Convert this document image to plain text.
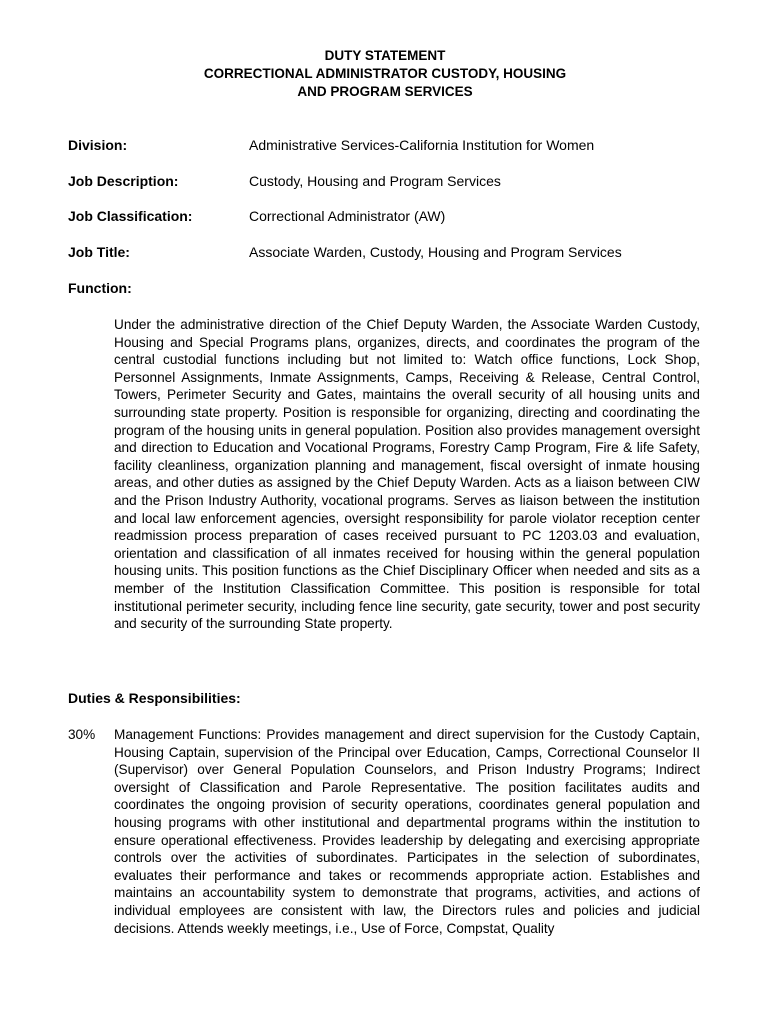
DUTY STATEMENT
CORRECTIONAL ADMINISTRATOR CUSTODY, HOUSING
AND PROGRAM SERVICES
Division:	Administrative Services-California Institution for Women
Job Description:	Custody, Housing and Program Services
Job Classification:	Correctional Administrator (AW)
Job Title:	Associate Warden, Custody, Housing and Program Services
Function:
Under the administrative direction of the Chief Deputy Warden, the Associate Warden Custody, Housing and Special Programs plans, organizes, directs, and coordinates the program of the central custodial functions including but not limited to: Watch office functions, Lock Shop, Personnel Assignments, Inmate Assignments, Camps, Receiving & Release, Central Control, Towers, Perimeter Security and Gates, maintains the overall security of all housing units and surrounding state property. Position is responsible for organizing, directing and coordinating the program of the housing units in general population. Position also provides management oversight and direction to Education and Vocational Programs, Forestry Camp Program, Fire & life Safety, facility cleanliness, organization planning and management, fiscal oversight of inmate housing areas, and other duties as assigned by the Chief Deputy Warden. Acts as a liaison between CIW and the Prison Industry Authority, vocational programs. Serves as liaison between the institution and local law enforcement agencies, oversight responsibility for parole violator reception center readmission process preparation of cases received pursuant to PC 1203.03 and evaluation, orientation and classification of all inmates received for housing within the general population housing units. This position functions as the Chief Disciplinary Officer when needed and sits as a member of the Institution Classification Committee. This position is responsible for total institutional perimeter security, including fence line security, gate security, tower and post security and security of the surrounding State property.
Duties & Responsibilities:
30% Management Functions: Provides management and direct supervision for the Custody Captain, Housing Captain, supervision of the Principal over Education, Camps, Correctional Counselor II (Supervisor) over General Population Counselors, and Prison Industry Programs; Indirect oversight of Classification and Parole Representative. The position facilitates audits and coordinates the ongoing provision of security operations, coordinates general population and housing programs with other institutional and departmental programs within the institution to ensure operational effectiveness. Provides leadership by delegating and exercising appropriate controls over the activities of subordinates. Participates in the selection of subordinates, evaluates their performance and takes or recommends appropriate action. Establishes and maintains an accountability system to demonstrate that programs, activities, and actions of individual employees are consistent with law, the Directors rules and policies and judicial decisions. Attends weekly meetings, i.e., Use of Force, Compstat, Quality
